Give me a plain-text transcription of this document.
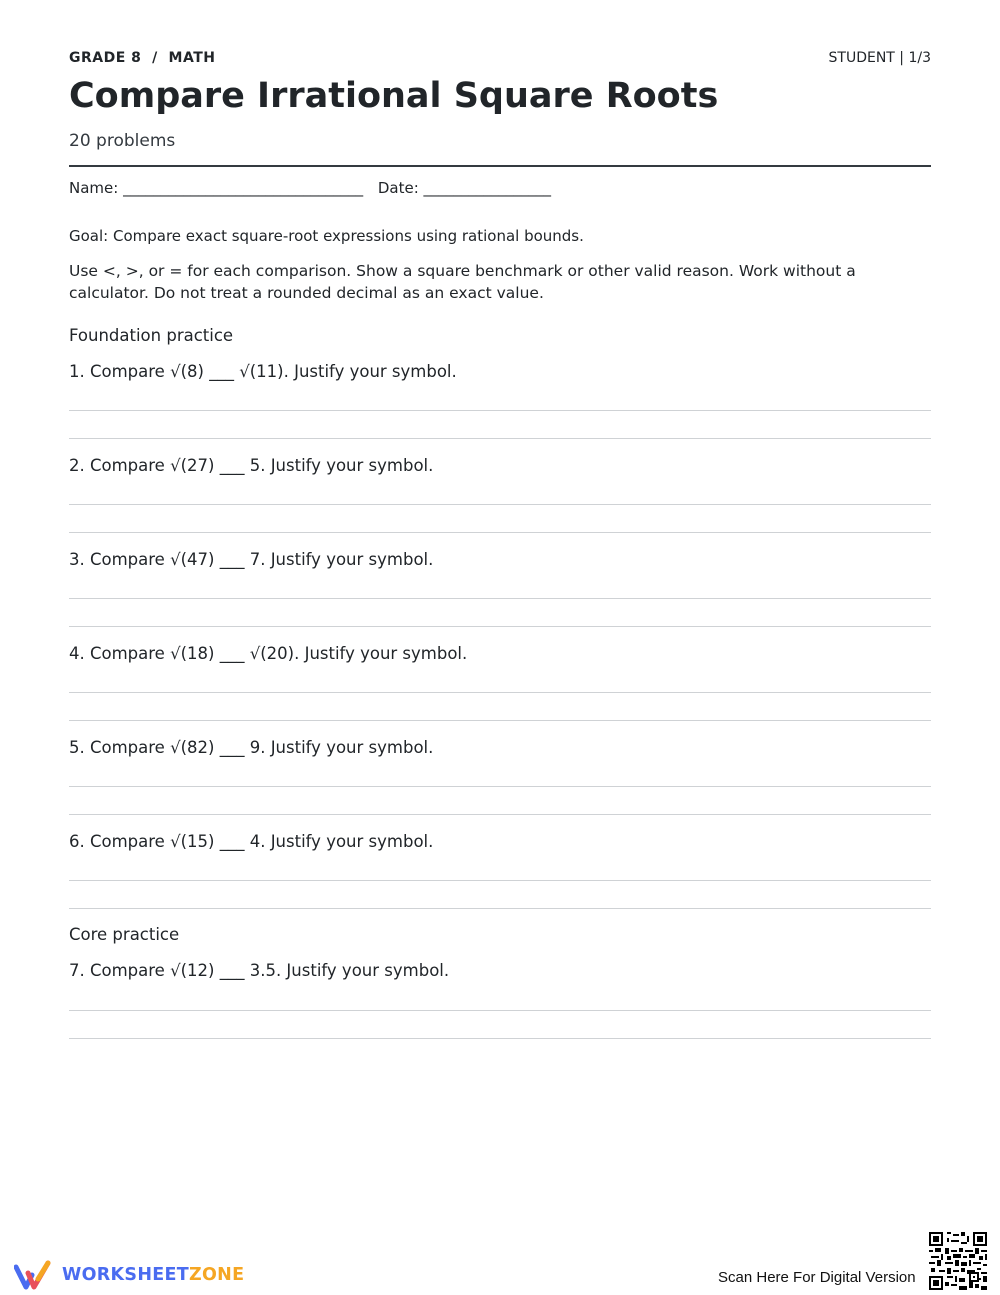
GRADE 8  /  MATH	STUDENT | 1/3
Compare Irrational Square Roots
20 problems
Name: ________________________________ Date: _________________
Goal: Compare exact square-root expressions using rational bounds.
Use <, >, or = for each comparison. Show a square benchmark or other valid reason. Work without a calculator. Do not treat a rounded decimal as an exact value.
Foundation practice
1. Compare √(8) ___ √(11). Justify your symbol.
2. Compare √(27) ___ 5. Justify your symbol.
3. Compare √(47) ___ 7. Justify your symbol.
4. Compare √(18) ___ √(20). Justify your symbol.
5. Compare √(82) ___ 9. Justify your symbol.
6. Compare √(15) ___ 4. Justify your symbol.
Core practice
7. Compare √(12) ___ 3.5. Justify your symbol.
WORKSHEETZONE	Scan Here For Digital Version
